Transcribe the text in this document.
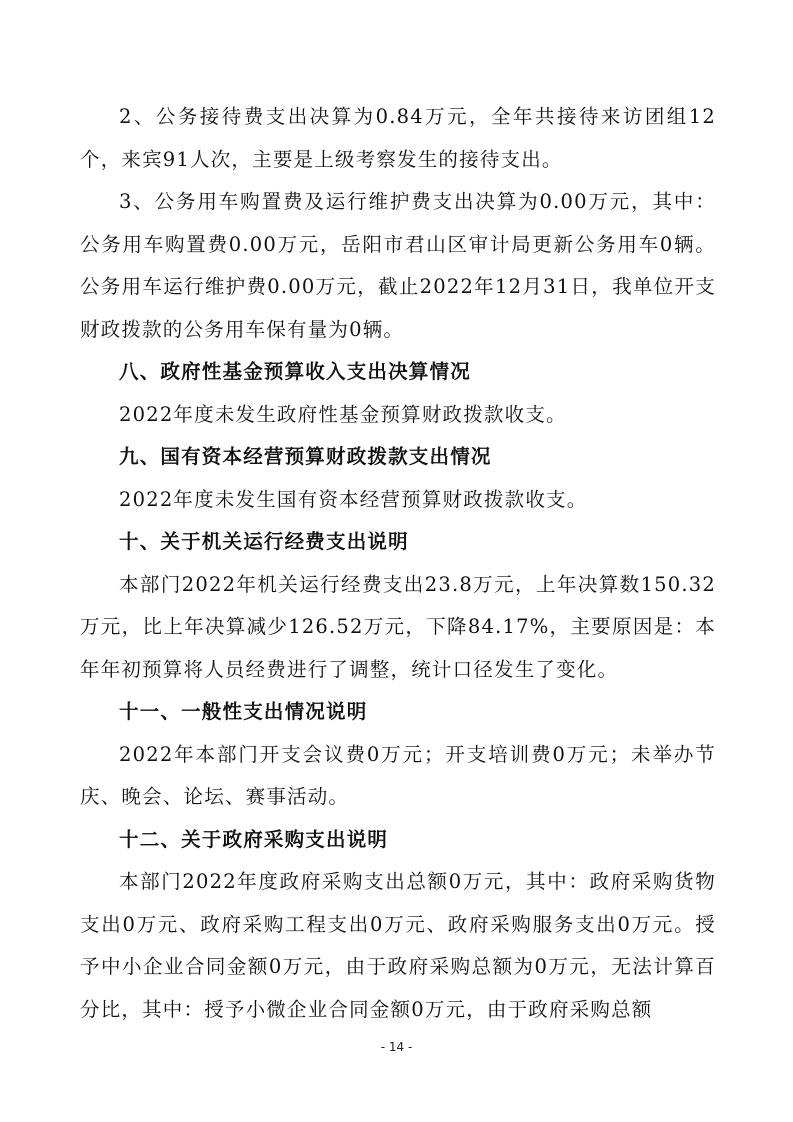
2、公务接待费支出决算为0.84万元，全年共接待来访团组12个，来宾91人次，主要是上级考察发生的接待支出。

3、公务用车购置费及运行维护费支出决算为0.00万元，其中：公务用车购置费0.00万元，岳阳市君山区审计局更新公务用车0辆。公务用车运行维护费0.00万元，截止2022年12月31日，我单位开支财政拨款的公务用车保有量为0辆。

八、政府性基金预算收入支出决算情况

2022年度未发生政府性基金预算财政拨款收支。

九、国有资本经营预算财政拨款支出情况

2022年度未发生国有资本经营预算财政拨款收支。

十、关于机关运行经费支出说明

本部门2022年机关运行经费支出23.8万元，上年决算数150.32万元，比上年决算减少126.52万元，下降84.17%，主要原因是：本年年初预算将人员经费进行了调整，统计口径发生了变化。

十一、一般性支出情况说明

2022年本部门开支会议费0万元；开支培训费0万元；未举办节庆、晚会、论坛、赛事活动。

十二、关于政府采购支出说明

本部门2022年度政府采购支出总额0万元，其中：政府采购货物支出0万元、政府采购工程支出0万元、政府采购服务支出0万元。授予中小企业合同金额0万元，由于政府采购总额为0万元，无法计算百分比，其中：授予小微企业合同金额0万元，由于政府采购总额

- 14 -
